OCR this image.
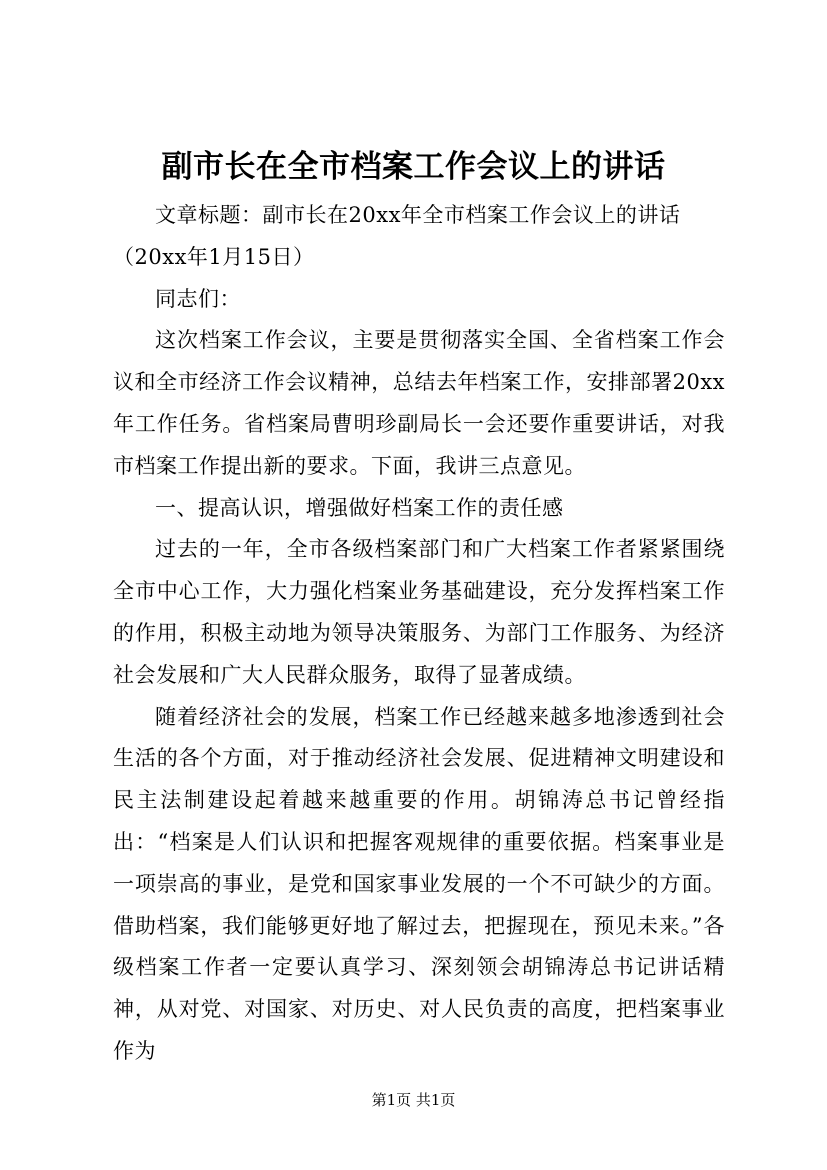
副市长在全市档案工作会议上的讲话

文章标题：副市长在20xx年全市档案工作会议上的讲话

（20xx年1月15日）

同志们：

这次档案工作会议，主要是贯彻落实全国、全省档案工作会议和全市经济工作会议精神，总结去年档案工作，安排部署20xx年工作任务。省档案局曹明珍副局长一会还要作重要讲话，对我市档案工作提出新的要求。下面，我讲三点意见。

一、提高认识，增强做好档案工作的责任感

过去的一年，全市各级档案部门和广大档案工作者紧紧围绕全市中心工作，大力强化档案业务基础建设，充分发挥档案工作的作用，积极主动地为领导决策服务、为部门工作服务、为经济社会发展和广大人民群众服务，取得了显著成绩。

随着经济社会的发展，档案工作已经越来越多地渗透到社会生活的各个方面，对于推动经济社会发展、促进精神文明建设和民主法制建设起着越来越重要的作用。胡锦涛总书记曾经指出：“档案是人们认识和把握客观规律的重要依据。档案事业是一项崇高的事业，是党和国家事业发展的一个不可缺少的方面。借助档案，我们能够更好地了解过去，把握现在，预见未来。”各级档案工作者一定要认真学习、深刻领会胡锦涛总书记讲话精神，从对党、对国家、对历史、对人民负责的高度，把档案事业作为

第1页 共1页
